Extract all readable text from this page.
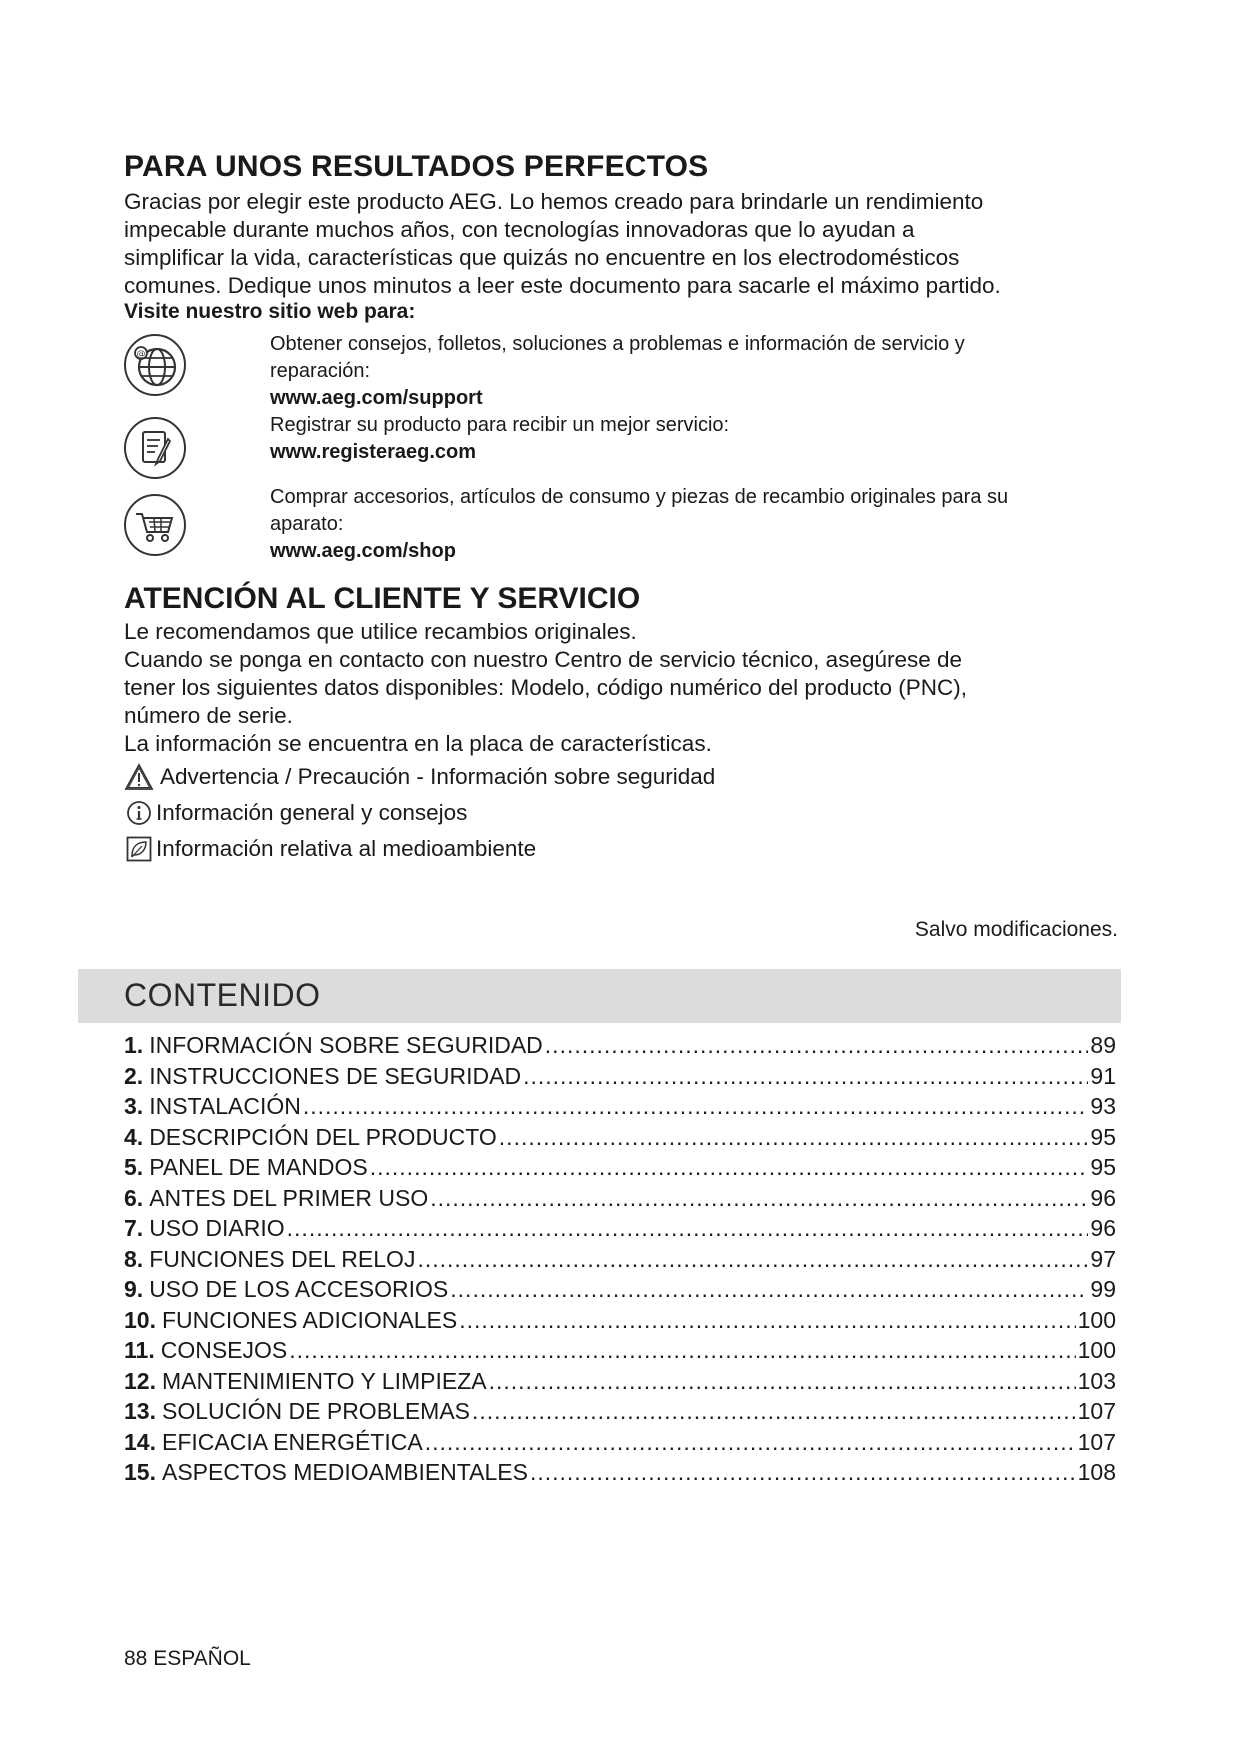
PARA UNOS RESULTADOS PERFECTOS

Gracias por elegir este producto AEG. Lo hemos creado para brindarle un rendimiento
impecable durante muchos años, con tecnologías innovadoras que lo ayudan a
simplificar la vida, características que quizás no encuentre en los electrodomésticos
comunes. Dedique unos minutos a leer este documento para sacarle el máximo partido.

Visite nuestro sitio web para:
@	Obtener consejos, folletos, soluciones a problemas e información de servicio y
reparación:
www.aeg.com/support
Registrar su producto para recibir un mejor servicio:
www.registeraeg.com
Comprar accesorios, artículos de consumo y piezas de recambio originales para su
aparato:
www.aeg.com/shop
ATENCIÓN AL CLIENTE Y SERVICIO
Le recomendamos que utilice recambios originales.
Cuando se ponga en contacto con nuestro Centro de servicio técnico, asegúrese de
tener los siguientes datos disponibles: Modelo, código numérico del producto (PNC),
número de serie.
La información se encuentra en la placa de características.
Advertencia / Precaución - Información sobre seguridad
Información general y consejos
Información relativa al medioambiente
Salvo modificaciones.
CONTENIDO
1. INFORMACIÓN SOBRE SEGURIDAD .....	89
2. INSTRUCCIONES DE SEGURIDAD .....	91
3. INSTALACIÓN .....	93
4. DESCRIPCIÓN DEL PRODUCTO .....	95
5. PANEL DE MANDOS .....	95
6. ANTES DEL PRIMER USO .....	96
7. USO DIARIO .....	96
8. FUNCIONES DEL RELOJ .....	97
9. USO DE LOS ACCESORIOS .....	99
10. FUNCIONES ADICIONALES .....	100
11. CONSEJOS .....	100
12. MANTENIMIENTO Y LIMPIEZA .....	103
13. SOLUCIÓN DE PROBLEMAS .....	107
14. EFICACIA ENERGÉTICA .....	107
15. ASPECTOS MEDIOAMBIENTALES .....	108
88 ESPAÑOL
